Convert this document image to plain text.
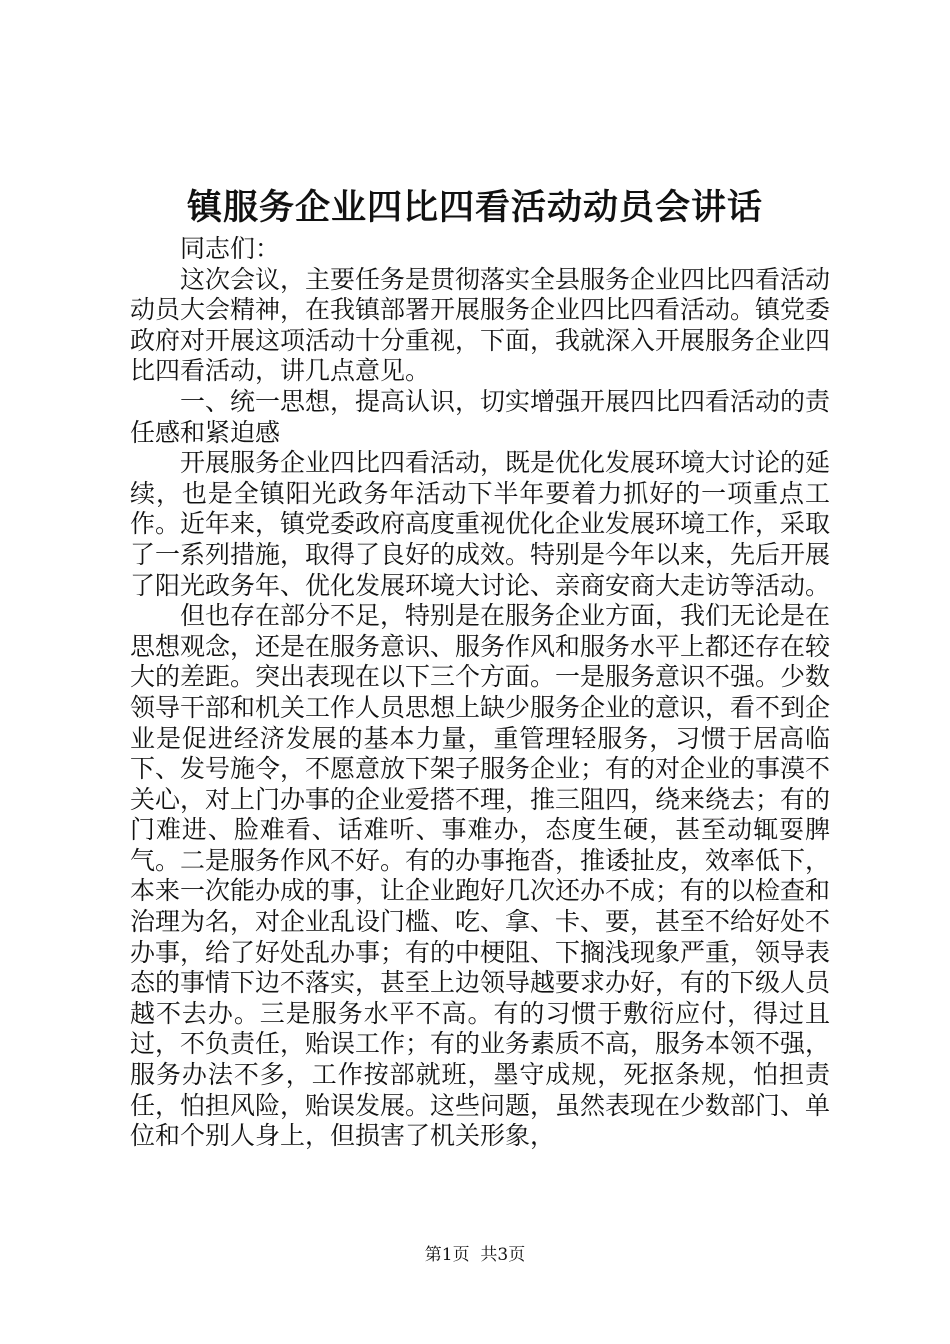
镇服务企业四比四看活动动员会讲话

同志们：

这次会议，主要任务是贯彻落实全县服务企业四比四看活动动员大会精神，在我镇部署开展服务企业四比四看活动。镇党委政府对开展这项活动十分重视，下面，我就深入开展服务企业四比四看活动，讲几点意见。

一、统一思想，提高认识，切实增强开展四比四看活动的责任感和紧迫感

开展服务企业四比四看活动，既是优化发展环境大讨论的延续，也是全镇阳光政务年活动下半年要着力抓好的一项重点工作。近年来，镇党委政府高度重视优化企业发展环境工作，采取了一系列措施，取得了良好的成效。特别是今年以来，先后开展了阳光政务年、优化发展环境大讨论、亲商安商大走访等活动。

但也存在部分不足，特别是在服务企业方面，我们无论是在思想观念，还是在服务意识、服务作风和服务水平上都还存在较大的差距。突出表现在以下三个方面。一是服务意识不强。少数领导干部和机关工作人员思想上缺少服务企业的意识，看不到企业是促进经济发展的基本力量，重管理轻服务，习惯于居高临下、发号施令，不愿意放下架子服务企业；有的对企业的事漠不关心，对上门办事的企业爱搭不理，推三阻四，绕来绕去；有的门难进、脸难看、话难听、事难办，态度生硬，甚至动辄耍脾气。二是服务作风不好。有的办事拖沓，推诿扯皮，效率低下，本来一次能办成的事，让企业跑好几次还办不成；有的以检查和治理为名，对企业乱设门槛、吃、拿、卡、要，甚至不给好处不办事，给了好处乱办事；有的中梗阻、下搁浅现象严重，领导表态的事情下边不落实，甚至上边领导越要求办好，有的下级人员越不去办。三是服务水平不高。有的习惯于敷衍应付，得过且过，不负责任，贻误工作；有的业务素质不高，服务本领不强，服务办法不多，工作按部就班，墨守成规，死抠条规，怕担责任，怕担风险，贻误发展。这些问题，虽然表现在少数部门、单位和个别人身上，但损害了机关形象，

第1页  共3页
